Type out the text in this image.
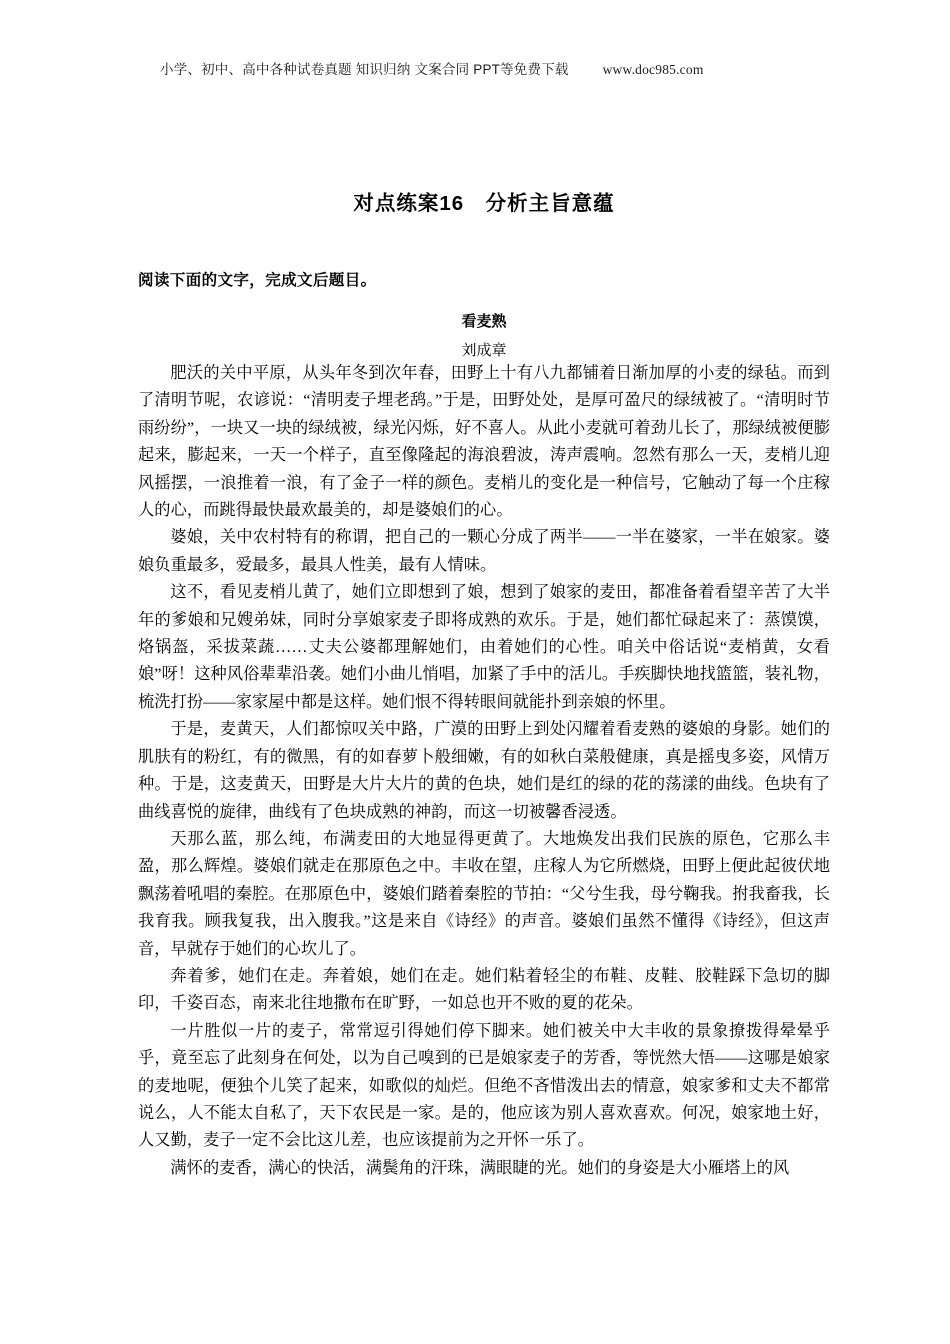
小学、初中、高中各种试卷真题 知识归纳 文案合同 PPT等免费下载	www.doc985.com
对点练案16　分析主旨意蕴

阅读下面的文字，完成文后题目。

看麦熟

刘成章

肥沃的关中平原，从头年冬到次年春，田野上十有八九都铺着日渐加厚的小麦的绿毡。而到了清明节呢，农谚说：“清明麦子埋老鸹。”于是，田野处处，是厚可盈尺的绿绒被了。“清明时节雨纷纷”，一块又一块的绿绒被，绿光闪烁，好不喜人。从此小麦就可着劲儿长了，那绿绒被便膨起来，膨起来，一天一个样子，直至像隆起的海浪碧波，涛声震响。忽然有那么一天，麦梢儿迎风摇摆，一浪推着一浪，有了金子一样的颜色。麦梢儿的变化是一种信号，它触动了每一个庄稼人的心，而跳得最快最欢最美的，却是婆娘们的心。

婆娘，关中农村特有的称谓，把自己的一颗心分成了两半——一半在婆家，一半在娘家。婆娘负重最多，爱最多，最具人性美，最有人情味。

这不，看见麦梢儿黄了，她们立即想到了娘，想到了娘家的麦田，都准备着看望辛苦了大半年的爹娘和兄嫂弟妹，同时分享娘家麦子即将成熟的欢乐。于是，她们都忙碌起来了：蒸馍馍，烙锅盔，采拔菜蔬……丈夫公婆都理解她们，由着她们的心性。咱关中俗话说“麦梢黄，女看娘”呀！这种风俗辈辈沿袭。她们小曲儿悄唱，加紧了手中的活儿。手疾脚快地找篮篮，装礼物，梳洗打扮——家家屋中都是这样。她们恨不得转眼间就能扑到亲娘的怀里。

于是，麦黄天，人们都惊叹关中路，广漠的田野上到处闪耀着看麦熟的婆娘的身影。她们的肌肤有的粉红，有的微黑，有的如春萝卜般细嫩，有的如秋白菜般健康，真是摇曳多姿，风情万种。于是，这麦黄天，田野是大片大片的黄的色块，她们是红的绿的花的荡漾的曲线。色块有了曲线喜悦的旋律，曲线有了色块成熟的神韵，而这一切被馨香浸透。

天那么蓝，那么纯，布满麦田的大地显得更黄了。大地焕发出我们民族的原色，它那么丰盈，那么辉煌。婆娘们就走在那原色之中。丰收在望，庄稼人为它所燃烧，田野上便此起彼伏地飘荡着吼唱的秦腔。在那原色中，婆娘们踏着秦腔的节拍：“父兮生我，母兮鞠我。拊我畜我，长我育我。顾我复我，出入腹我。”这是来自《诗经》的声音。婆娘们虽然不懂得《诗经》，但这声音，早就存于她们的心坎儿了。

奔着爹，她们在走。奔着娘，她们在走。她们粘着轻尘的布鞋、皮鞋、胶鞋踩下急切的脚印，千姿百态，南来北往地撒布在旷野，一如总也开不败的夏的花朵。

一片胜似一片的麦子，常常逗引得她们停下脚来。她们被关中大丰收的景象撩拨得晕晕乎乎，竟至忘了此刻身在何处，以为自己嗅到的已是娘家麦子的芳香，等恍然大悟——这哪是娘家的麦地呢，便独个儿笑了起来，如歌似的灿烂。但绝不吝惜泼出去的情意，娘家爹和丈夫不都常说么，人不能太自私了，天下农民是一家。是的，他应该为别人喜欢喜欢。何况，娘家地土好，人又勤，麦子一定不会比这儿差，也应该提前为之开怀一乐了。

满怀的麦香，满心的快活，满鬓角的汗珠，满眼睫的光。她们的身姿是大小雁塔上的风
